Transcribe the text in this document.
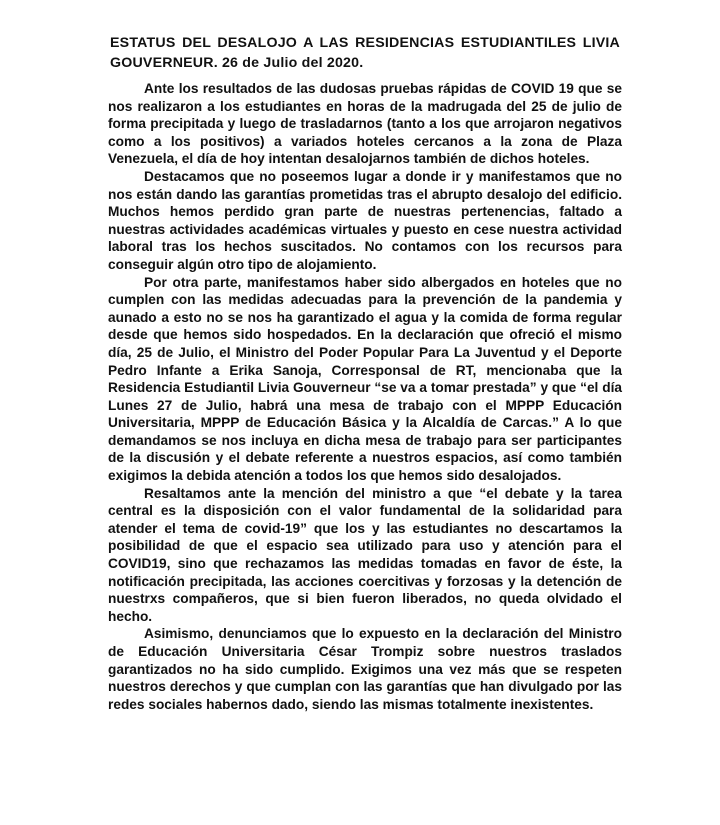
ESTATUS DEL DESALOJO A LAS RESIDENCIAS ESTUDIANTILES LIVIA GOUVERNEUR. 26 de Julio del 2020.

Ante los resultados de las dudosas pruebas rápidas de COVID 19 que se nos realizaron a los estudiantes en horas de la madrugada del 25 de julio de forma precipitada y luego de trasladarnos (tanto a los que arrojaron negativos como a los positivos) a variados hoteles cercanos a la zona de Plaza Venezuela, el día de hoy intentan desalojarnos también de dichos hoteles.

Destacamos que no poseemos lugar a donde ir y manifestamos que no nos están dando las garantías prometidas tras el abrupto desalojo del edificio. Muchos hemos perdido gran parte de nuestras pertenencias, faltado a nuestras actividades académicas virtuales y puesto en cese nuestra actividad laboral tras los hechos suscitados. No contamos con los recursos para conseguir algún otro tipo de alojamiento.

Por otra parte, manifestamos haber sido albergados en hoteles que no cumplen con las medidas adecuadas para la prevención de la pandemia y aunado a esto no se nos ha garantizado el agua y la comida de forma regular desde que hemos sido hospedados. En la declaración que ofreció el mismo día, 25 de Julio, el Ministro del Poder Popular Para La Juventud y el Deporte Pedro Infante a Erika Sanoja, Corresponsal de RT, mencionaba que la Residencia Estudiantil Livia Gouverneur “se va a tomar prestada” y que “el día Lunes 27 de Julio, habrá una mesa de trabajo con el MPPP Educación Universitaria, MPPP de Educación Básica y la Alcaldía de Carcas.” A lo que demandamos se nos incluya en dicha mesa de trabajo para ser participantes de la discusión y el debate referente a nuestros espacios, así como también exigimos la debida atención a todos los que hemos sido desalojados.

Resaltamos ante la mención del ministro a que “el debate y la tarea central es la disposición con el valor fundamental de la solidaridad para atender el tema de covid-19” que los y las estudiantes no descartamos la posibilidad de que el espacio sea utilizado para uso y atención para el COVID19, sino que rechazamos las medidas tomadas en favor de éste, la notificación precipitada, las acciones coercitivas y forzosas y la detención de nuestrxs compañeros, que si bien fueron liberados, no queda olvidado el hecho.

Asimismo, denunciamos que lo expuesto en la declaración del Ministro de Educación Universitaria César Trompiz sobre nuestros traslados garantizados no ha sido cumplido. Exigimos una vez más que se respeten nuestros derechos y que cumplan con las garantías que han divulgado por las redes sociales habernos dado, siendo las mismas totalmente inexistentes.
